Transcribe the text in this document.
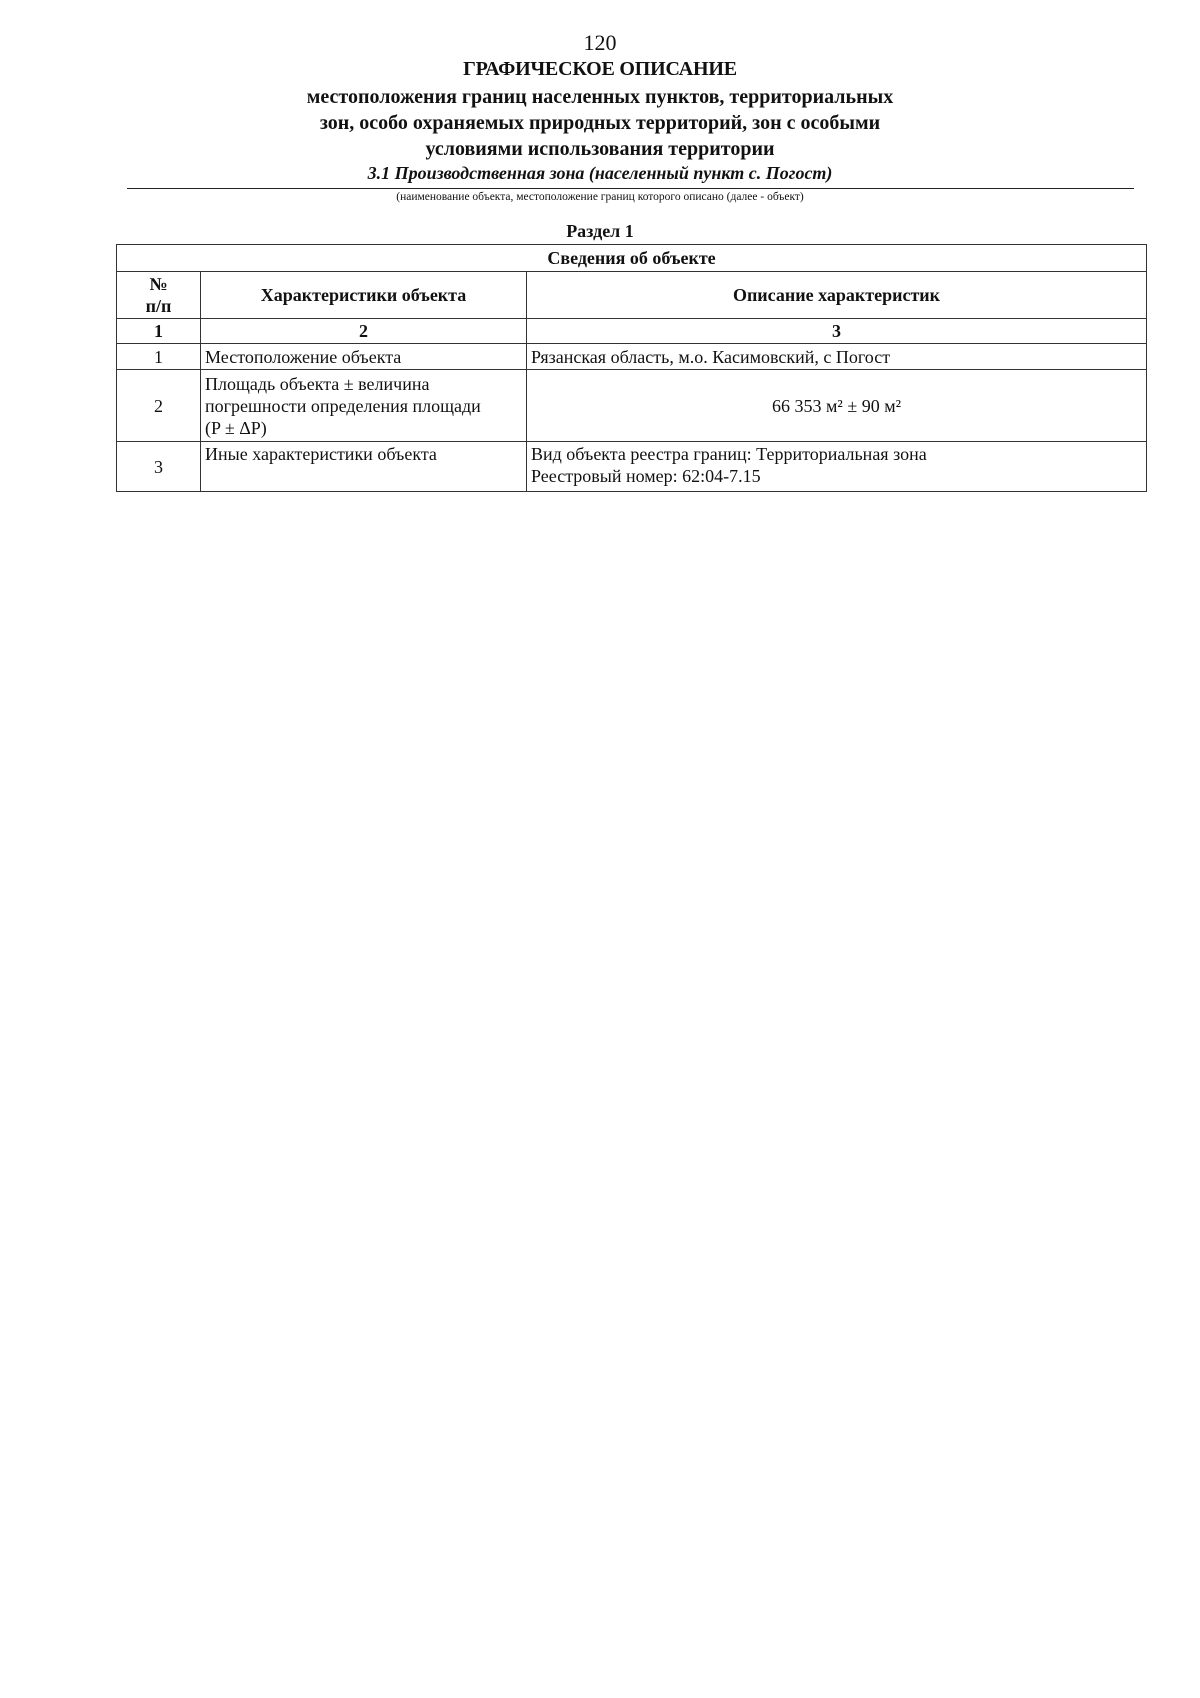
120
ГРАФИЧЕСКОЕ ОПИСАНИЕ
местоположения границ населенных пунктов, территориальных
зон, особо охраняемых природных территорий, зон с особыми
условиями использования территории
3.1 Производственная зона (населенный пункт с. Погост)
(наименование объекта, местоположение границ которого описано (далее - объект)
Раздел 1
Сведения об объекте		

№
п/п	Характеристики объекта	Описание характеристик
1	2	3
1	Местоположение объекта	Рязанская область, м.о. Касимовский, с Погост
2	Площадь объекта ± величина
погрешности определения площади
(P ± ΔP)	66 353 м² ± 90 м²
3	Иные характеристики объекта	Вид объекта реестра границ: Территориальная зона
Реестровый номер: 62:04-7.15
